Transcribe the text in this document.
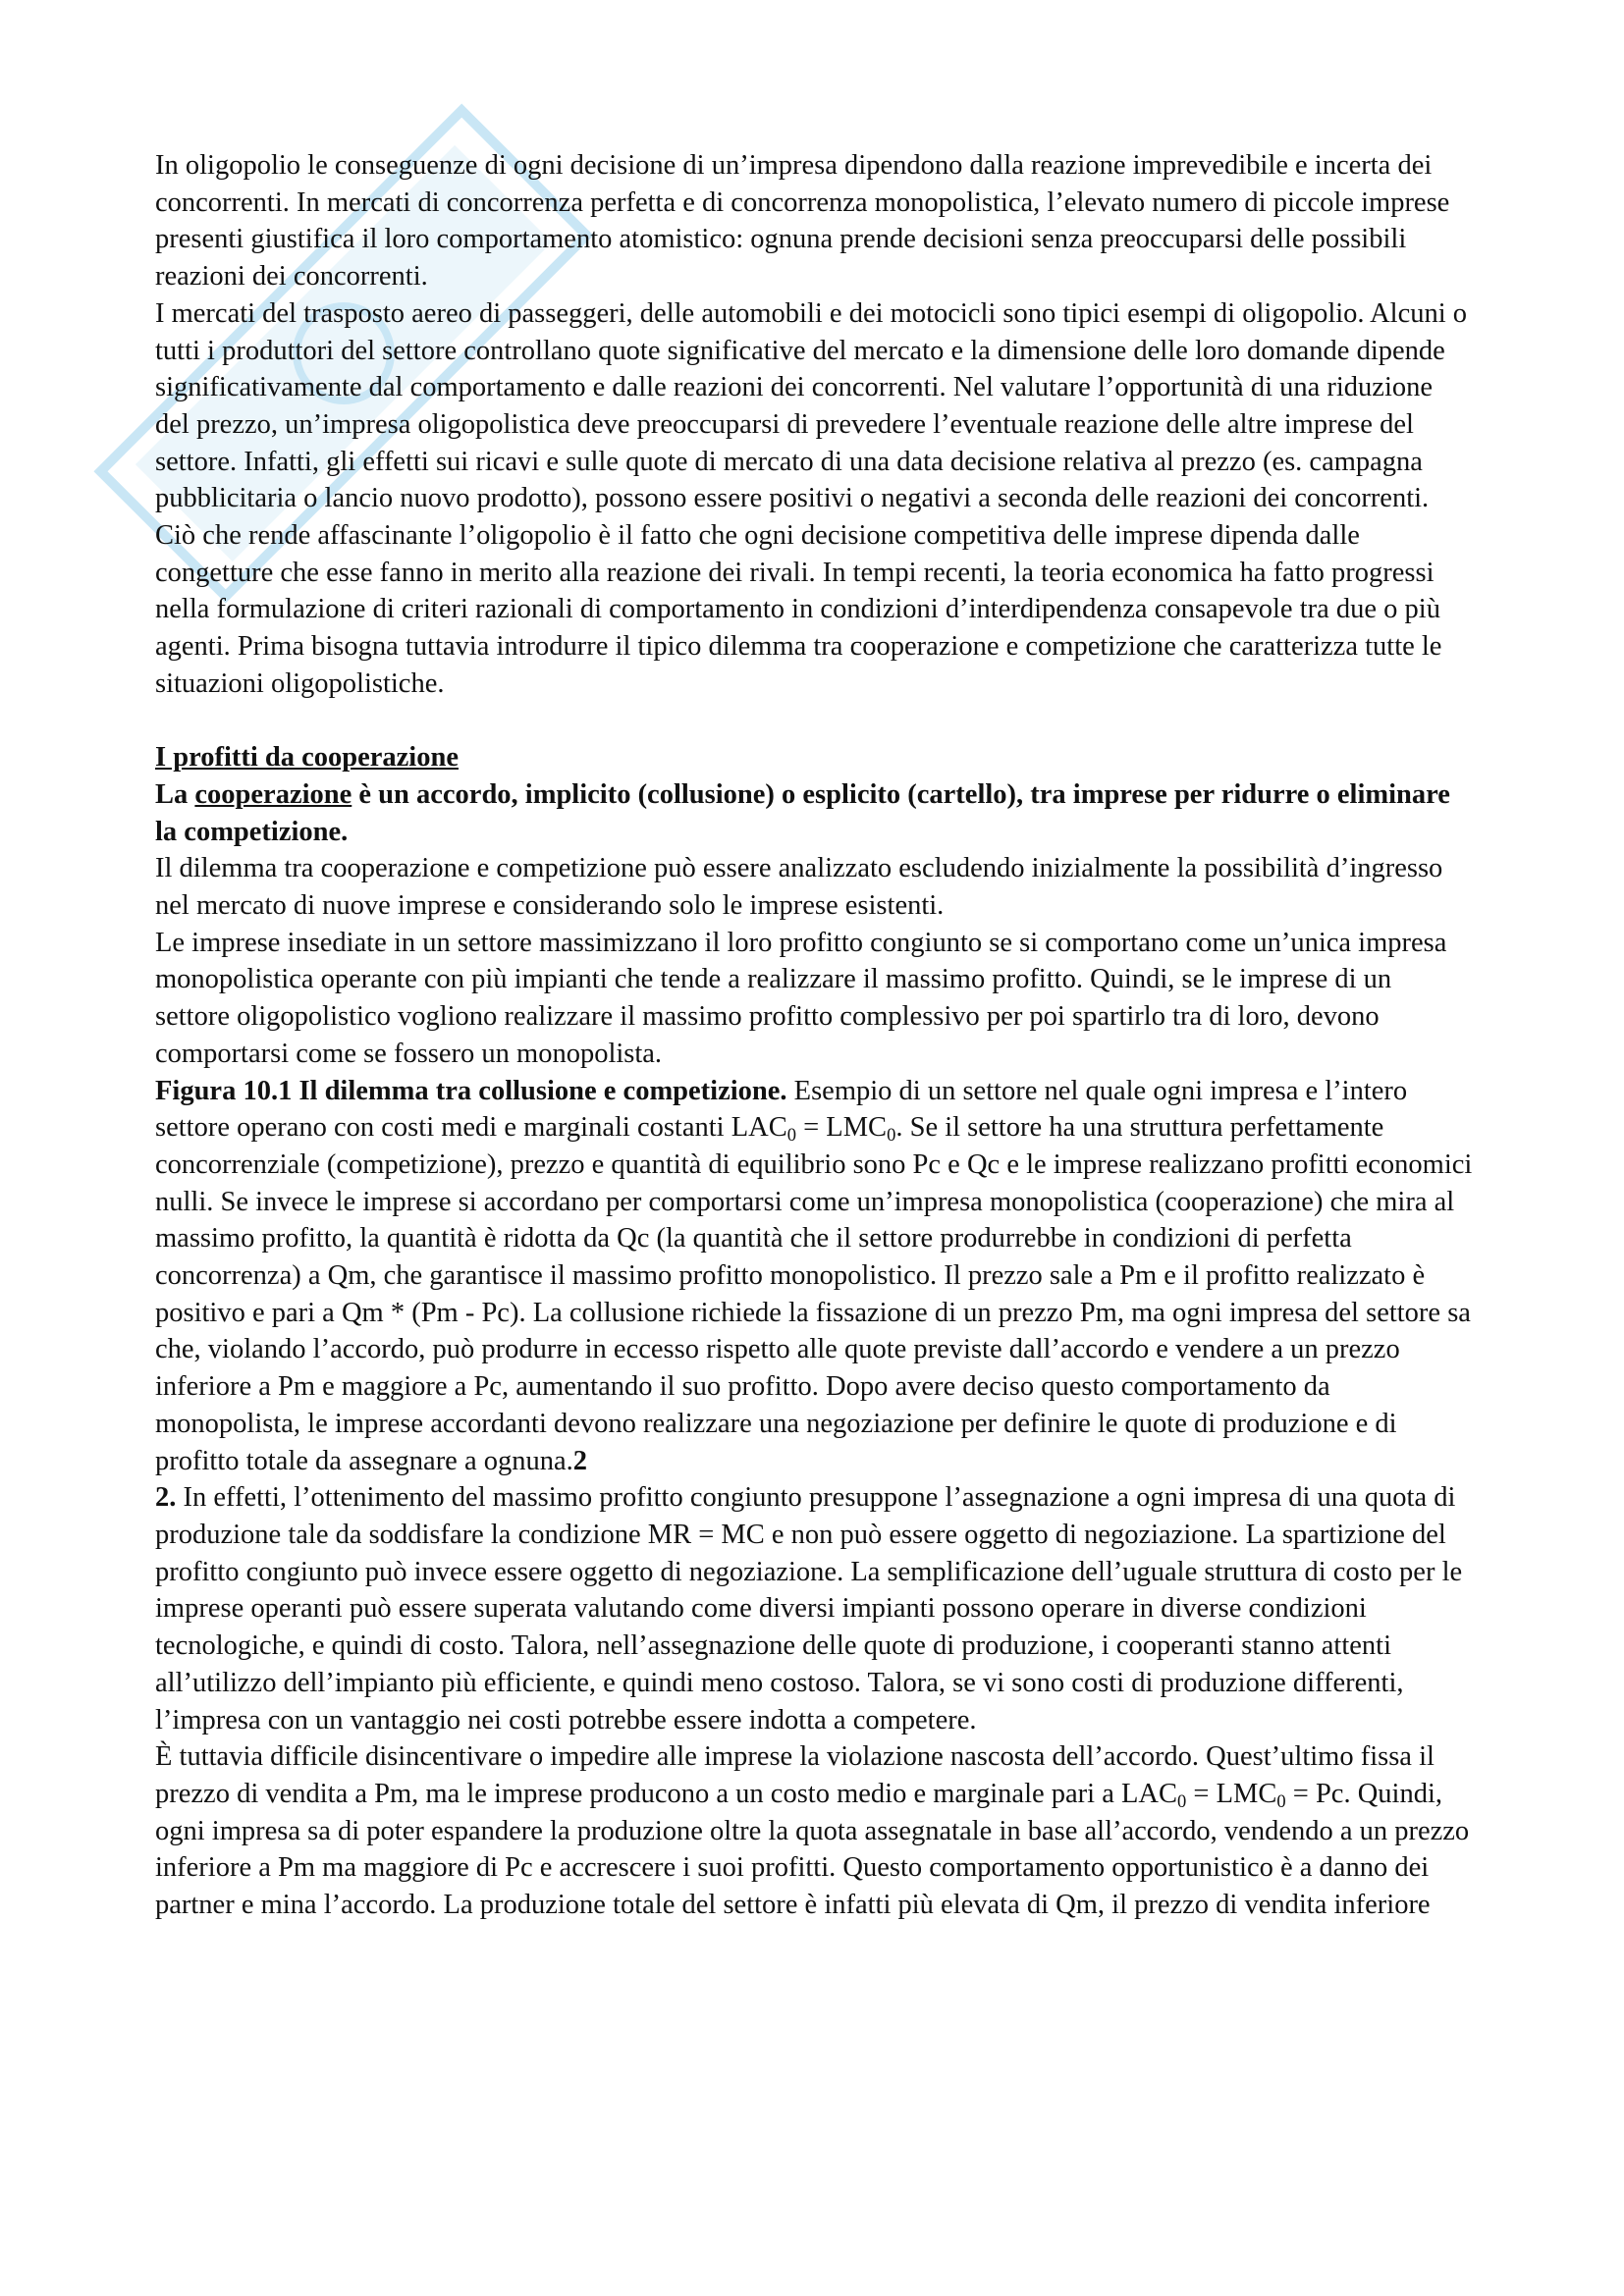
In oligopolio le conseguenze di ogni decisione di un’impresa dipendono dalla reazione imprevedibile e incerta dei concorrenti. In mercati di concorrenza perfetta e di concorrenza monopolistica, l’elevato numero di piccole imprese presenti giustifica il loro comportamento atomistico: ognuna prende decisioni senza preoccuparsi delle possibili reazioni dei concorrenti.

I mercati del trasposto aereo di passeggeri, delle automobili e dei motocicli sono tipici esempi di oligopolio. Alcuni o tutti i produttori del settore controllano quote significative del mercato e la dimensione delle loro domande dipende significativamente dal comportamento e dalle reazioni dei concorrenti. Nel valutare l’opportunità di una riduzione del prezzo, un’impresa oligopolistica deve preoccuparsi di prevedere l’eventuale reazione delle altre imprese del settore. Infatti, gli effetti sui ricavi e sulle quote di mercato di una data decisione relativa al prezzo (es. campagna pubblicitaria o lancio nuovo prodotto), possono essere positivi o negativi a seconda delle reazioni dei concorrenti. Ciò che rende affascinante l’oligopolio è il fatto che ogni decisione competitiva delle imprese dipenda dalle congetture che esse fanno in merito alla reazione dei rivali. In tempi recenti, la teoria economica ha fatto progressi nella formulazione di criteri razionali di comportamento in condizioni d’interdipendenza consapevole tra due o più agenti. Prima bisogna tuttavia introdurre il tipico dilemma tra cooperazione e competizione che caratterizza tutte le situazioni oligopolistiche.

I profitti da cooperazione

La cooperazione è un accordo, implicito (collusione) o esplicito (cartello), tra imprese per ridurre o eliminare la competizione.

Il dilemma tra cooperazione e competizione può essere analizzato escludendo inizialmente la possibilità d’ingresso nel mercato di nuove imprese e considerando solo le imprese esistenti.

Le imprese insediate in un settore massimizzano il loro profitto congiunto se si comportano come un’unica impresa monopolistica operante con più impianti che tende a realizzare il massimo profitto. Quindi, se le imprese di un settore oligopolistico vogliono realizzare il massimo profitto complessivo per poi spartirlo tra di loro, devono comportarsi come se fossero un monopolista.

Figura 10.1 Il dilemma tra collusione e competizione. Esempio di un settore nel quale ogni impresa e l’intero settore operano con costi medi e marginali costanti $LAC_0 = LMC_0$. Se il settore ha una struttura perfettamente concorrenziale (competizione), prezzo e quantità di equilibrio sono Pc e Qc e le imprese realizzano profitti economici nulli. Se invece le imprese si accordano per comportarsi come un’impresa monopolistica (cooperazione) che mira al massimo profitto, la quantità è ridotta da Qc (la quantità che il settore produrrebbe in condizioni di perfetta concorrenza) a Qm, che garantisce il massimo profitto monopolistico. Il prezzo sale a Pm e il profitto realizzato è positivo e pari a Qm * (Pm - Pc). La collusione richiede la fissazione di un prezzo Pm, ma ogni impresa del settore sa che, violando l’accordo, può produrre in eccesso rispetto alle quote previste dall’accordo e vendere a un prezzo inferiore a Pm e maggiore a Pc, aumentando il suo profitto. Dopo avere deciso questo comportamento da monopolista, le imprese accordanti devono realizzare una negoziazione per definire le quote di produzione e di profitto totale da assegnare a ognuna.2

2. In effetti, l’ottenimento del massimo profitto congiunto presuppone l’assegnazione a ogni impresa di una quota di produzione tale da soddisfare la condizione MR = MC e non può essere oggetto di negoziazione. La spartizione del profitto congiunto può invece essere oggetto di negoziazione. La semplificazione dell’uguale struttura di costo per le imprese operanti può essere superata valutando come diversi impianti possono operare in diverse condizioni tecnologiche, e quindi di costo. Talora, nell’assegnazione delle quote di produzione, i cooperanti stanno attenti all’utilizzo dell’impianto più efficiente, e quindi meno costoso. Talora, se vi sono costi di produzione differenti, l’impresa con un vantaggio nei costi potrebbe essere indotta a competere.

È tuttavia difficile disincentivare o impedire alle imprese la violazione nascosta dell’accordo. Quest’ultimo fissa il prezzo di vendita a Pm, ma le imprese producono a un costo medio e marginale pari a $LAC_0 = LMC_0 = Pc$. Quindi, ogni impresa sa di poter espandere la produzione oltre la quota assegnatale in base all’accordo, vendendo a un prezzo inferiore a Pm ma maggiore di Pc e accrescere i suoi profitti. Questo comportamento opportunistico è a danno dei partner e mina l’accordo. La produzione totale del settore è infatti più elevata di Qm, il prezzo di vendita inferiore
